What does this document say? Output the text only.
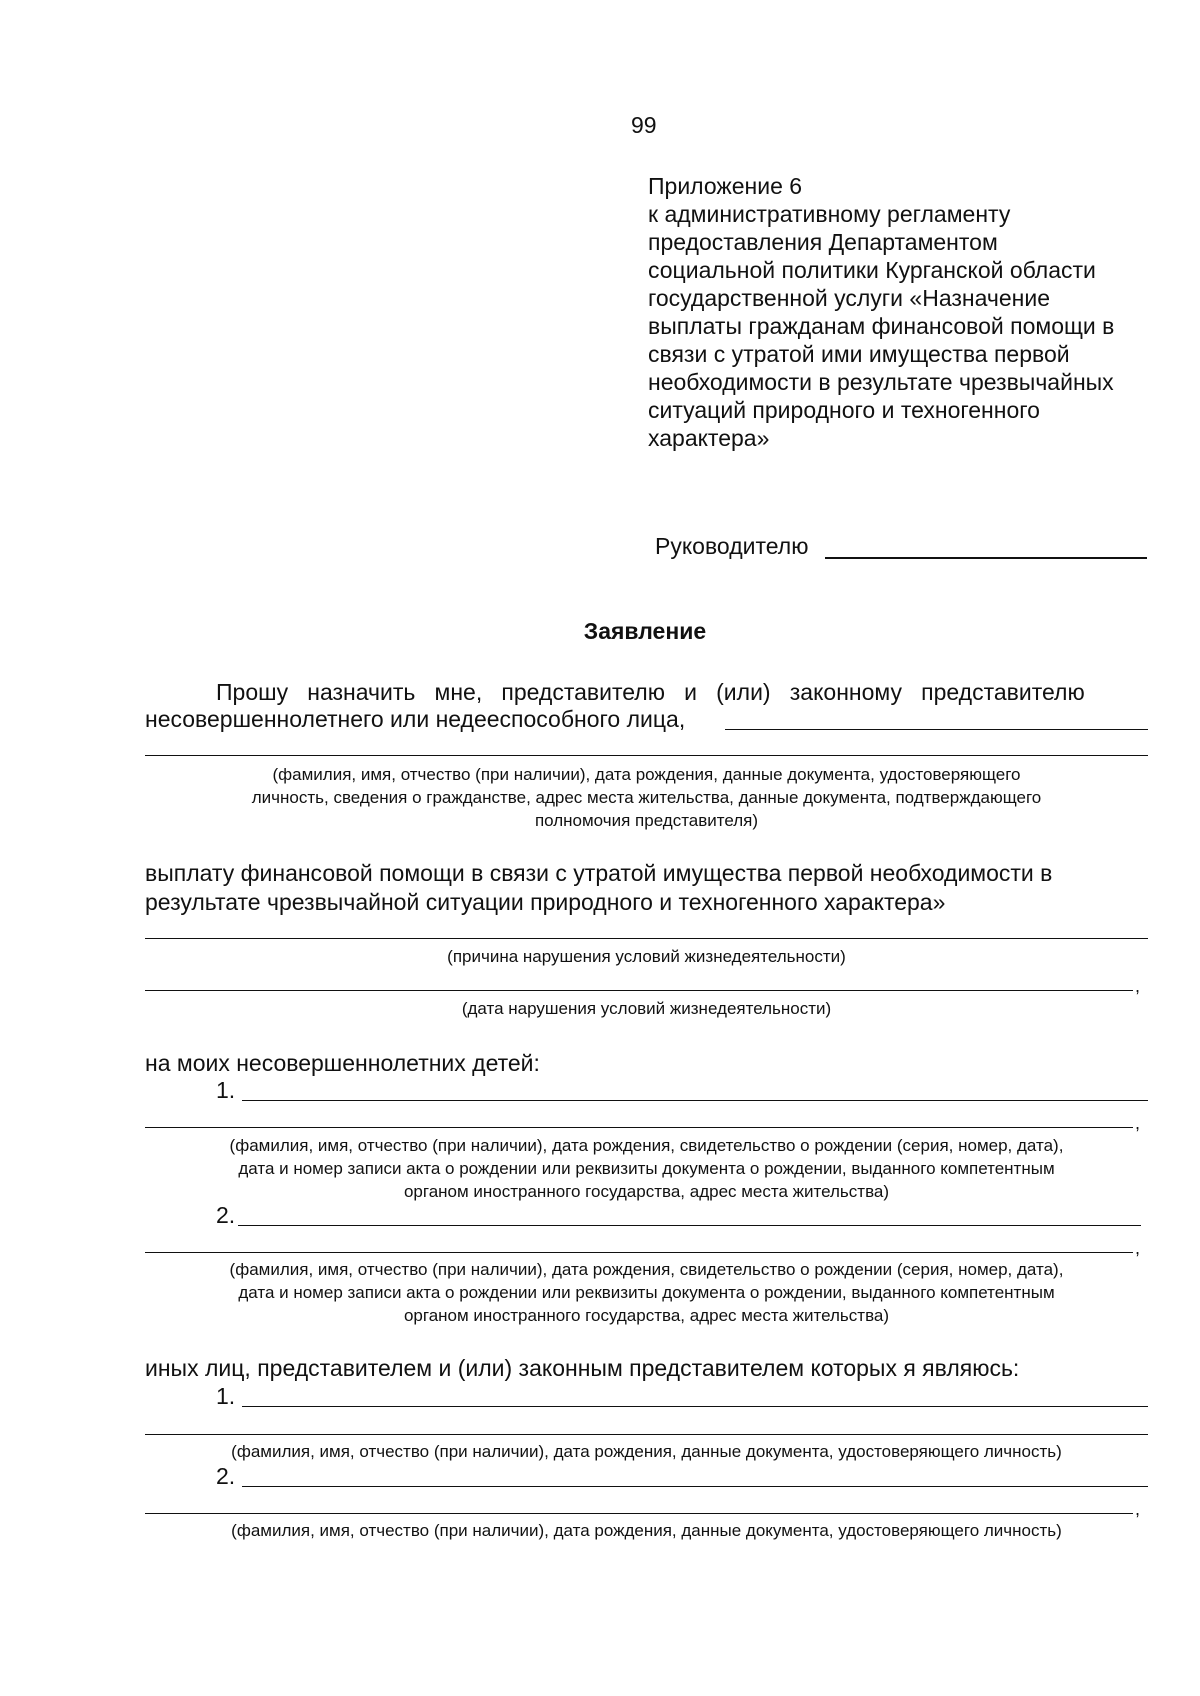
99
Приложение 6
к административному регламенту
предоставления Департаментом
социальной политики Курганской области
государственной услуги «Назначение
выплаты гражданам финансовой помощи в
связи с утратой ими имущества первой
необходимости в результате чрезвычайных
ситуаций природного и техногенного
характера»
Руководителю
Заявление
Прошу   назначить   мне,   представителю   и   (или)   законному   представителю
несовершеннолетнего или недееспособного лица,
(фамилия, имя, отчество (при наличии), дата рождения, данные документа, удостоверяющего
личность, сведения о гражданстве, адрес места жительства, данные документа, подтверждающего
полномочия представителя)
выплату финансовой помощи в связи с утратой имущества первой необходимости в
результате чрезвычайной ситуации природного и техногенного характера»
(причина нарушения условий жизнедеятельности)
,
(дата нарушения условий жизнедеятельности)
на моих несовершеннолетних детей:
1.
,
(фамилия, имя, отчество (при наличии), дата рождения, свидетельство о рождении (серия, номер, дата),
дата и номер записи акта о рождении или реквизиты документа о рождении, выданного компетентным
органом иностранного государства, адрес места жительства)
2.
,
(фамилия, имя, отчество (при наличии), дата рождения, свидетельство о рождении (серия, номер, дата),
дата и номер записи акта о рождении или реквизиты документа о рождении, выданного компетентным
органом иностранного государства, адрес места жительства)
иных лиц, представителем и (или) законным представителем которых я являюсь:
1.
(фамилия, имя, отчество (при наличии), дата рождения, данные документа, удостоверяющего личность)
2.
,
(фамилия, имя, отчество (при наличии), дата рождения, данные документа, удостоверяющего личность)
